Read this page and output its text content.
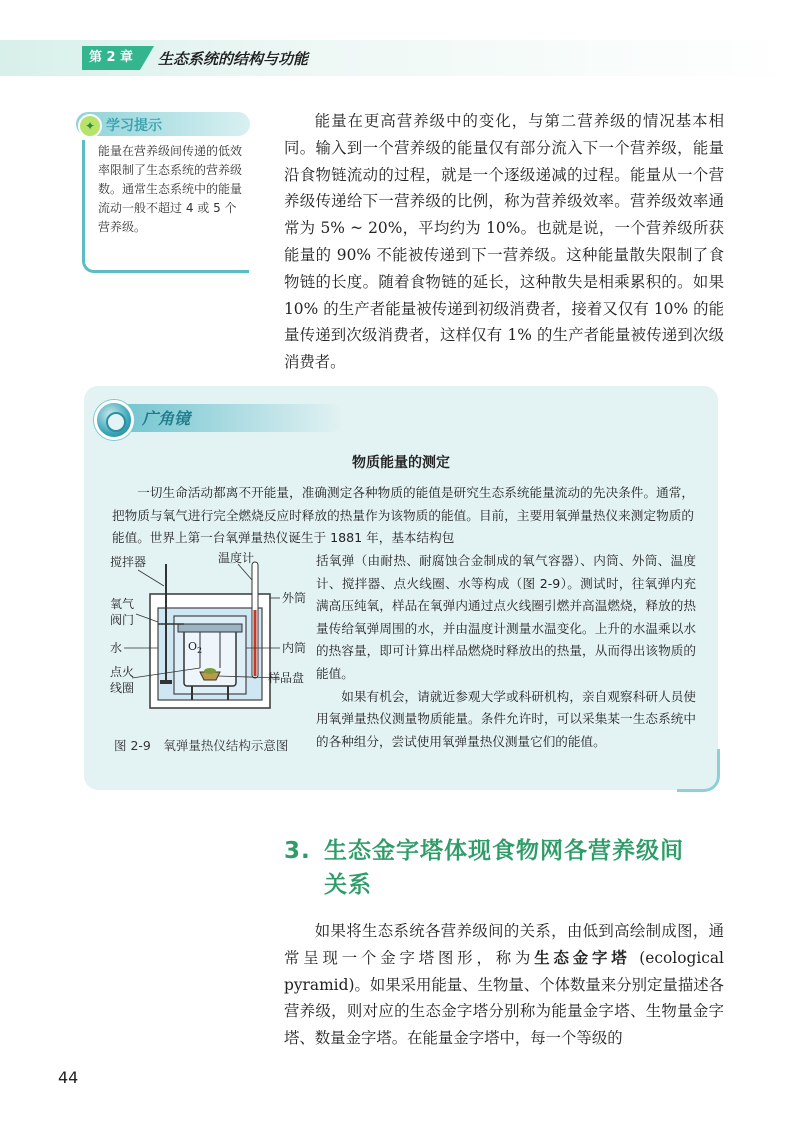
第 2 章	生态系统的结构与功能
✦ 学习提示
能量在营养级间传递的低效率限制了生态系统的营养级数。通常生态系统中的能量流动一般不超过 4 或 5 个营养级。

能量在更高营养级中的变化，与第二营养级的情况基本相同。输入到一个营养级的能量仅有部分流入下一个营养级，能量沿食物链流动的过程，就是一个逐级递减的过程。能量从一个营养级传递给下一营养级的比例，称为营养级效率。营养级效率通常为 5% ~ 20%，平均约为 10%。也就是说，一个营养级所获能量的 90% 不能被传递到下一营养级。这种能量散失限制了食物链的长度。随着食物链的延长，这种散失是相乘累积的。如果 10% 的生产者能量被传递到初级消费者，接着又仅有 10% 的能量传递到次级消费者，这样仅有 1% 的生产者能量被传递到次级消费者。

广角镜
物质能量的测定

一切生命活动都离不开能量，准确测定各种物质的能值是研究生态系统能量流动的先决条件。通常，把物质与氧气进行完全燃烧反应时释放的热量作为该物质的能值。目前，主要用氧弹量热仪来测定物质的能值。世界上第一台氧弹量热仪诞生于 1881 年，基本结构包

搅拌器	温度计
氧气
阀门
外筒
$O_2$
水	内筒
点火
线圈
样品盘

括氧弹（由耐热、耐腐蚀合金制成的氧气容器）、内筒、外筒、温度计、搅拌器、点火线圈、水等构成（图 2-9）。测试时，往氧弹内充满高压纯氧，样品在氧弹内通过点火线圈引燃并高温燃烧，释放的热量传给氧弹周围的水，并由温度计测量水温变化。上升的水温乘以水的热容量，即可计算出样品燃烧时释放出的热量，从而得出该物质的能值。

如果有机会，请就近参观大学或科研机构，亲自观察科研人员使用氧弹量热仪测量物质能量。条件允许时，可以采集某一生态系统中的各种组分，尝试使用氧弹量热仪测量它们的能值。

图 2-9　氧弹量热仪结构示意图
3. 生态金字塔体现食物网各营养级间
关系

如果将生态系统各营养级间的关系，由低到高绘制成图，通常呈现一个金字塔图形，称为生态金字塔 (ecological pyramid)。如果采用能量、生物量、个体数量来分别定量描述各营养级，则对应的生态金字塔分别称为能量金字塔、生物量金字塔、数量金字塔。在能量金字塔中，每一个等级的

44
